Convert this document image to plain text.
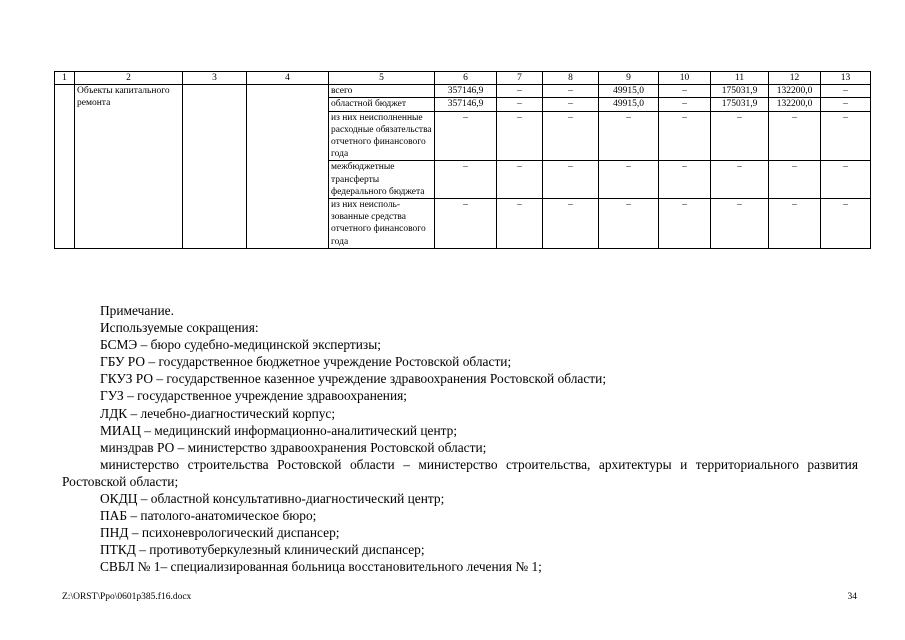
1	2	3	4	5	6	7	8	9	10	11	12	13
	Объекты капитального ремонта			всего	357146,9	–	–	49915,0	–	175031,9	132200,0	–
				областной бюджет	357146,9	–	–	49915,0	–	175031,9	132200,0	–
				из них неисполненные расходные обязательства отчетного финансового года	–	–	–	–	–	–	–	–
				межбюджетные трансферты федерального бюджета	–	–	–	–	–	–	–	–
				из них неисполь-зованные средства отчетного финансового года	–	–	–	–	–	–	–	–

Примечание.

Используемые сокращения:

БСМЭ – бюро судебно-медицинской экспертизы;

ГБУ РО – государственное бюджетное учреждение Ростовской области;

ГКУЗ РО – государственное казенное учреждение здравоохранения Ростовской области;

ГУЗ – государственное учреждение здравоохранения;

ЛДК – лечебно-диагностический корпус;

МИАЦ – медицинский информационно-аналитический центр;

минздрав РО – министерство здравоохранения Ростовской области;

министерство строительства Ростовской области – министерство строительства, архитектуры и территориального развития Ростовской области;

ОКДЦ – областной консультативно-диагностический центр;

ПАБ – патолого-анатомическое бюро;

ПНД – психоневрологический диспансер;

ПТКД – противотуберкулезный клинический диспансер;

СВБЛ № 1– специализированная больница восстановительного лечения № 1;

Z:\ORST\Ppo\0601p385.f16.docx	34
